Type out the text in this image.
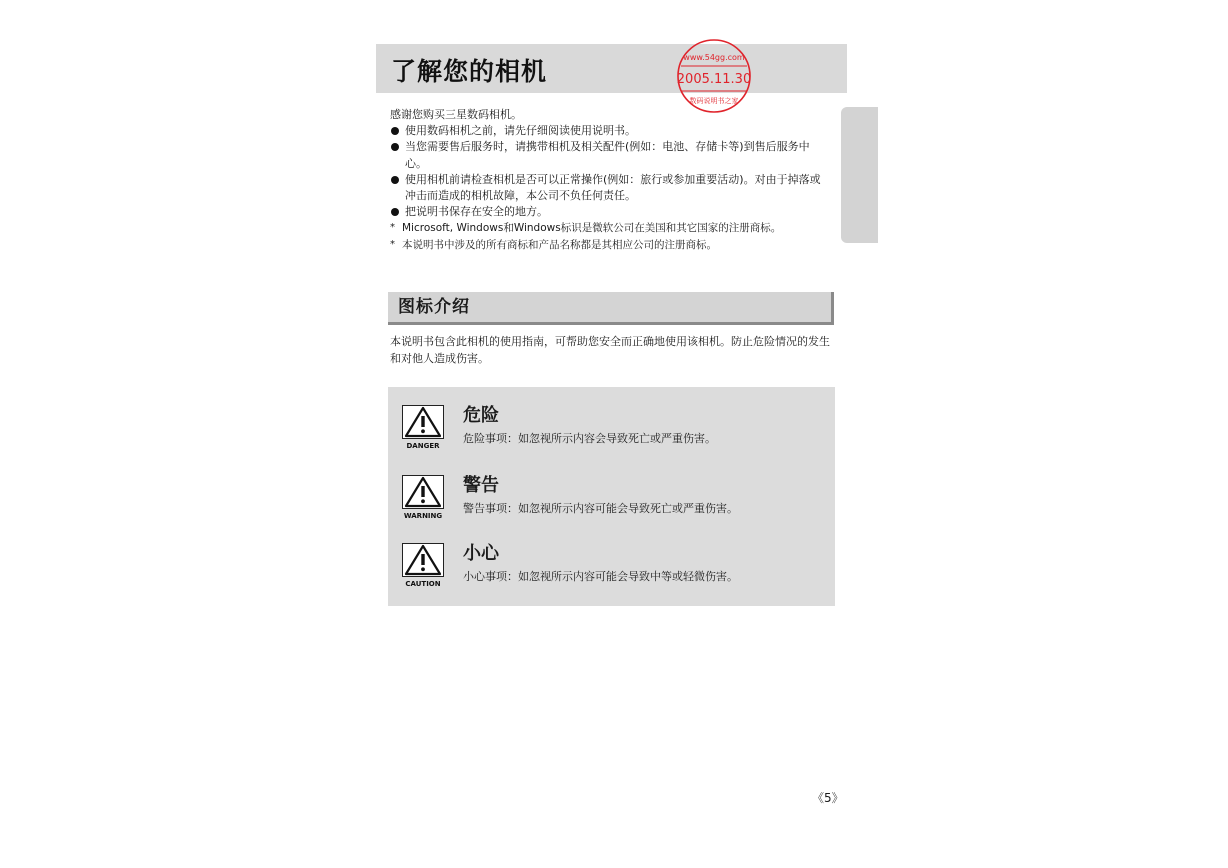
了解您的相机	www.54gg.com
2005.11.30
数码说明书之家

感谢您购买三星数码相机。

使用数码相机之前，请先仔细阅读使用说明书。

当您需要售后服务时，请携带相机及相关配件(例如：电池、存储卡等)到售后服务中心。

使用相机前请检查相机是否可以正常操作(例如：旅行或参加重要活动)。对由于掉落或冲击而造成的相机故障，本公司不负任何责任。

把说明书保存在安全的地方。

* Microsoft, Windows和Windows标识是微软公司在美国和其它国家的注册商标。

* 本说明书中涉及的所有商标和产品名称都是其相应公司的注册商标。

图标介绍

本说明书包含此相机的使用指南，可帮助您安全而正确地使用该相机。防止危险情况的发生和对他人造成伤害。

DANGER
危险

危险事项：如忽视所示内容会导致死亡或严重伤害。

WARNING
警告

警告事项：如忽视所示内容可能会导致死亡或严重伤害。

CAUTION
小心

小心事项：如忽视所示内容可能会导致中等或轻微伤害。

《5》
